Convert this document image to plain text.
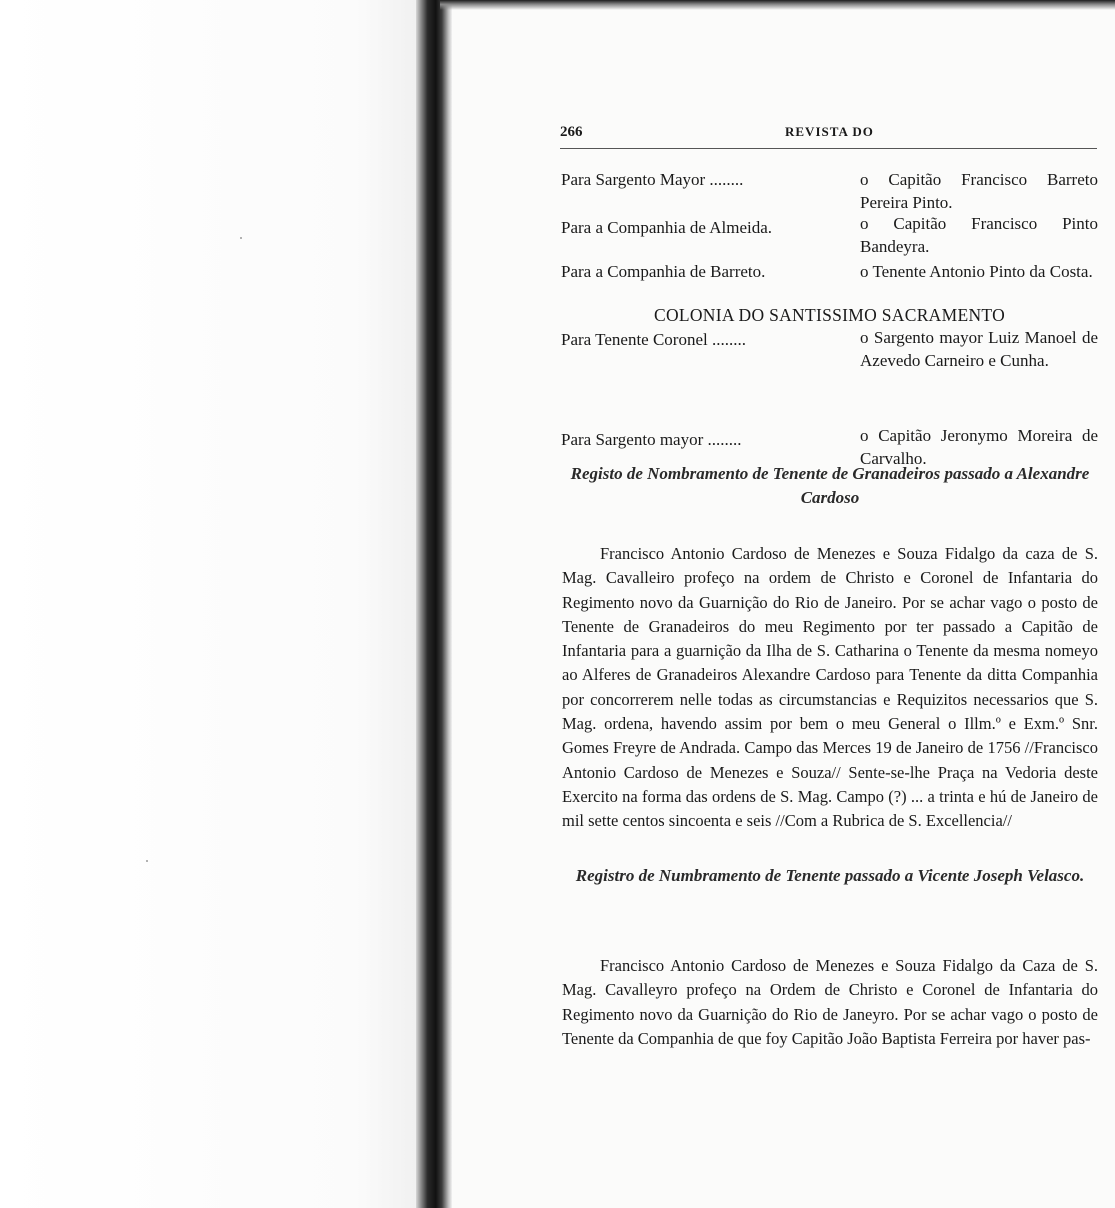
266	REVISTA DO
Para Sargento Mayor ........	o Capitão Francisco Barreto Pereira Pinto.
Para a Companhia de Almeida.	o Capitão Francisco Pinto Bandeyra.
Para a Companhia de Barreto.	o Tenente Antonio Pinto da Costa.
COLONIA DO SANTISSIMO SACRAMENTO
Para Tenente Coronel ........	o Sargento mayor Luiz Manoel de Azevedo Carneiro e Cunha.
Para Sargento mayor ........	o Capitão Jeronymo Moreira de Carvalho.
Registo de Nombramento de Tenente de Granadeiros passado a Alexandre Cardoso
Francisco Antonio Cardoso de Menezes e Souza Fidalgo da caza de S. Mag. Cavalleiro profeço na ordem de Christo e Coronel de Infantaria do Regimento novo da Guarnição do Rio de Janeiro. Por se achar vago o posto de Tenente de Granadeiros do meu Regimento por ter passado a Capitão de Infantaria para a guarnição da Ilha de S. Catharina o Tenente da mesma nomeyo ao Alferes de Granadeiros Alexandre Cardoso para Tenente da ditta Companhia por concorrerem nelle todas as circumstancias e Requizitos necessarios que S. Mag. ordena, havendo assim por bem o meu General o Illm.º e Exm.º Snr. Gomes Freyre de Andrada. Campo das Merces 19 de Janeiro de 1756 //Francisco Antonio Cardoso de Menezes e Souza// Sente-se-lhe Praça na Vedoria deste Exercito na forma das ordens de S. Mag. Campo (?) ... a trinta e hú de Janeiro de mil sette centos sincoenta e seis //Com a Rubrica de S. Excellencia//
Registro de Numbramento de Tenente passado a Vicente Joseph Velasco.
Francisco Antonio Cardoso de Menezes e Souza Fidalgo da Caza de S. Mag. Cavalleyro profeço na Ordem de Christo e Coronel de Infantaria do Regimento novo da Guarnição do Rio de Janeyro. Por se achar vago o posto de Tenente da Companhia de que foy Capitão João Baptista Ferreira por haver pas-
